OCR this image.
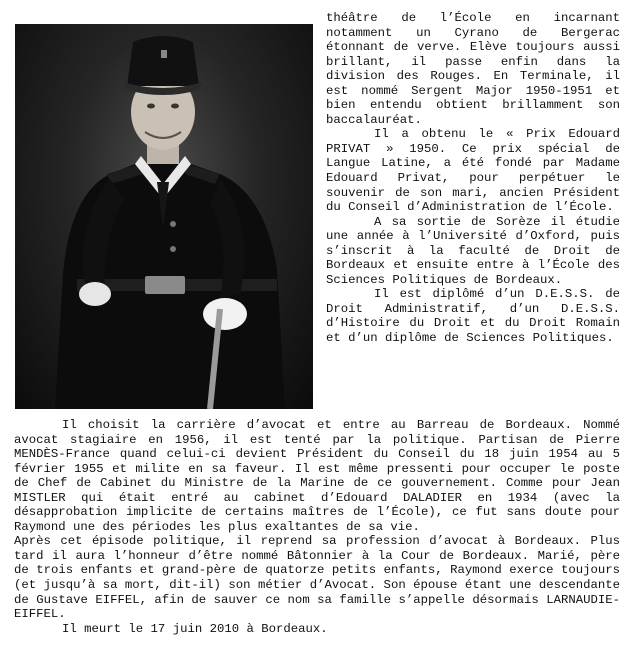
théâtre de l’École en incarnant notamment un Cyrano de Bergerac étonnant de verve. Elève toujours aussi brillant, il passe enfin dans la division des Rouges. En Terminale, il est nommé Sergent Major 1950-1951 et bien entendu obtient brillamment son baccalauréat.

Il a obtenu le « Prix Edouard PRIVAT » 1950. Ce prix spécial de Langue Latine, a été fondé par Madame Edouard Privat, pour perpétuer le souvenir de son mari, ancien Président du Conseil d’Administration de l’École.

A sa sortie de Sorèze il étudie une année à l’Université d’Oxford, puis s’inscrit à la faculté de Droit de Bordeaux et ensuite entre à l’École des Sciences Politiques de Bordeaux.

Il est diplômé d’un D.E.S.S. de Droit Administratif, d’un D.E.S.S. d’Histoire du Droit et du Droit Romain et d’un diplôme de Sciences Politiques.

Il choisit la carrière d’avocat et entre au Barreau de Bordeaux. Nommé avocat stagiaire en 1956, il est tenté par la politique. Partisan de Pierre MENDÈS-France quand celui-ci devient Président du Conseil du 18 juin 1954 au 5 février 1955 et milite en sa faveur. Il est même pressenti pour occuper le poste de Chef de Cabinet du Ministre de la Marine de ce gouvernement. Comme pour Jean MISTLER qui était entré au cabinet d’Edouard DALADIER en 1934 (avec la désapprobation implicite de certains maîtres de l’École), ce fut sans doute pour Raymond une des périodes les plus exaltantes de sa vie.

Après cet épisode politique, il reprend sa profession d’avocat à Bordeaux. Plus tard il aura l’honneur d’être nommé Bâtonnier à la Cour de Bordeaux. Marié, père de trois enfants et grand-père de quatorze petits enfants, Raymond exerce toujours (et jusqu’à sa mort, dit-il) son métier d’Avocat. Son épouse étant une descendante de Gustave EIFFEL, afin de sauver ce nom sa famille s’appelle désormais LARNAUDIE-EIFFEL.

Il meurt le 17 juin 2010 à Bordeaux.
